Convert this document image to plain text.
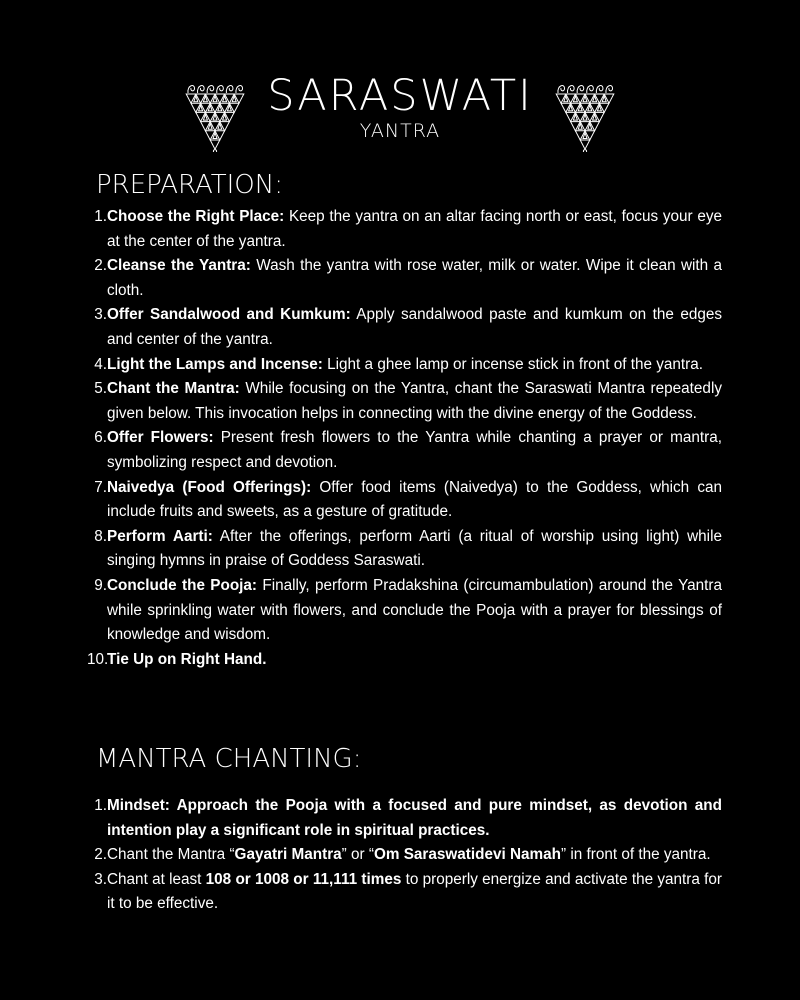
SARASWATI
YANTRA
PREPARATION:
1. Choose the Right Place: Keep the yantra on an altar facing north or east, focus your eye at the center of the yantra.
2. Cleanse the Yantra: Wash the yantra with rose water, milk or water. Wipe it clean with a cloth.
3. Offer Sandalwood and Kumkum: Apply sandalwood paste and kumkum on the edges and center of the yantra.
4. Light the Lamps and Incense: Light a ghee lamp or incense stick in front of the yantra.
5. Chant the Mantra: While focusing on the Yantra, chant the Saraswati Mantra repeatedly given below. This invocation helps in connecting with the divine energy of the Goddess.
6. Offer Flowers: Present fresh flowers to the Yantra while chanting a prayer or mantra, symbolizing respect and devotion.
7. Naivedya (Food Offerings): Offer food items (Naivedya) to the Goddess, which can include fruits and sweets, as a gesture of gratitude.
8. Perform Aarti: After the offerings, perform Aarti (a ritual of worship using light) while singing hymns in praise of Goddess Saraswati.
9. Conclude the Pooja: Finally, perform Pradakshina (circumambulation) around the Yantra while sprinkling water with flowers, and conclude the Pooja with a prayer for blessings of knowledge and wisdom.
10.
Tie Up on Right Hand.
MANTRA CHANTING:
1. Mindset: Approach the Pooja with a focused and pure mindset, as devotion and intention play a significant role in spiritual practices.
2. Chant the Mantra “Gayatri Mantra” or “Om Saraswatidevi Namah” in front of the yantra.
3. Chant at least 108 or 1008 or 11,111 times to properly energize and activate the yantra for it to be effective.
